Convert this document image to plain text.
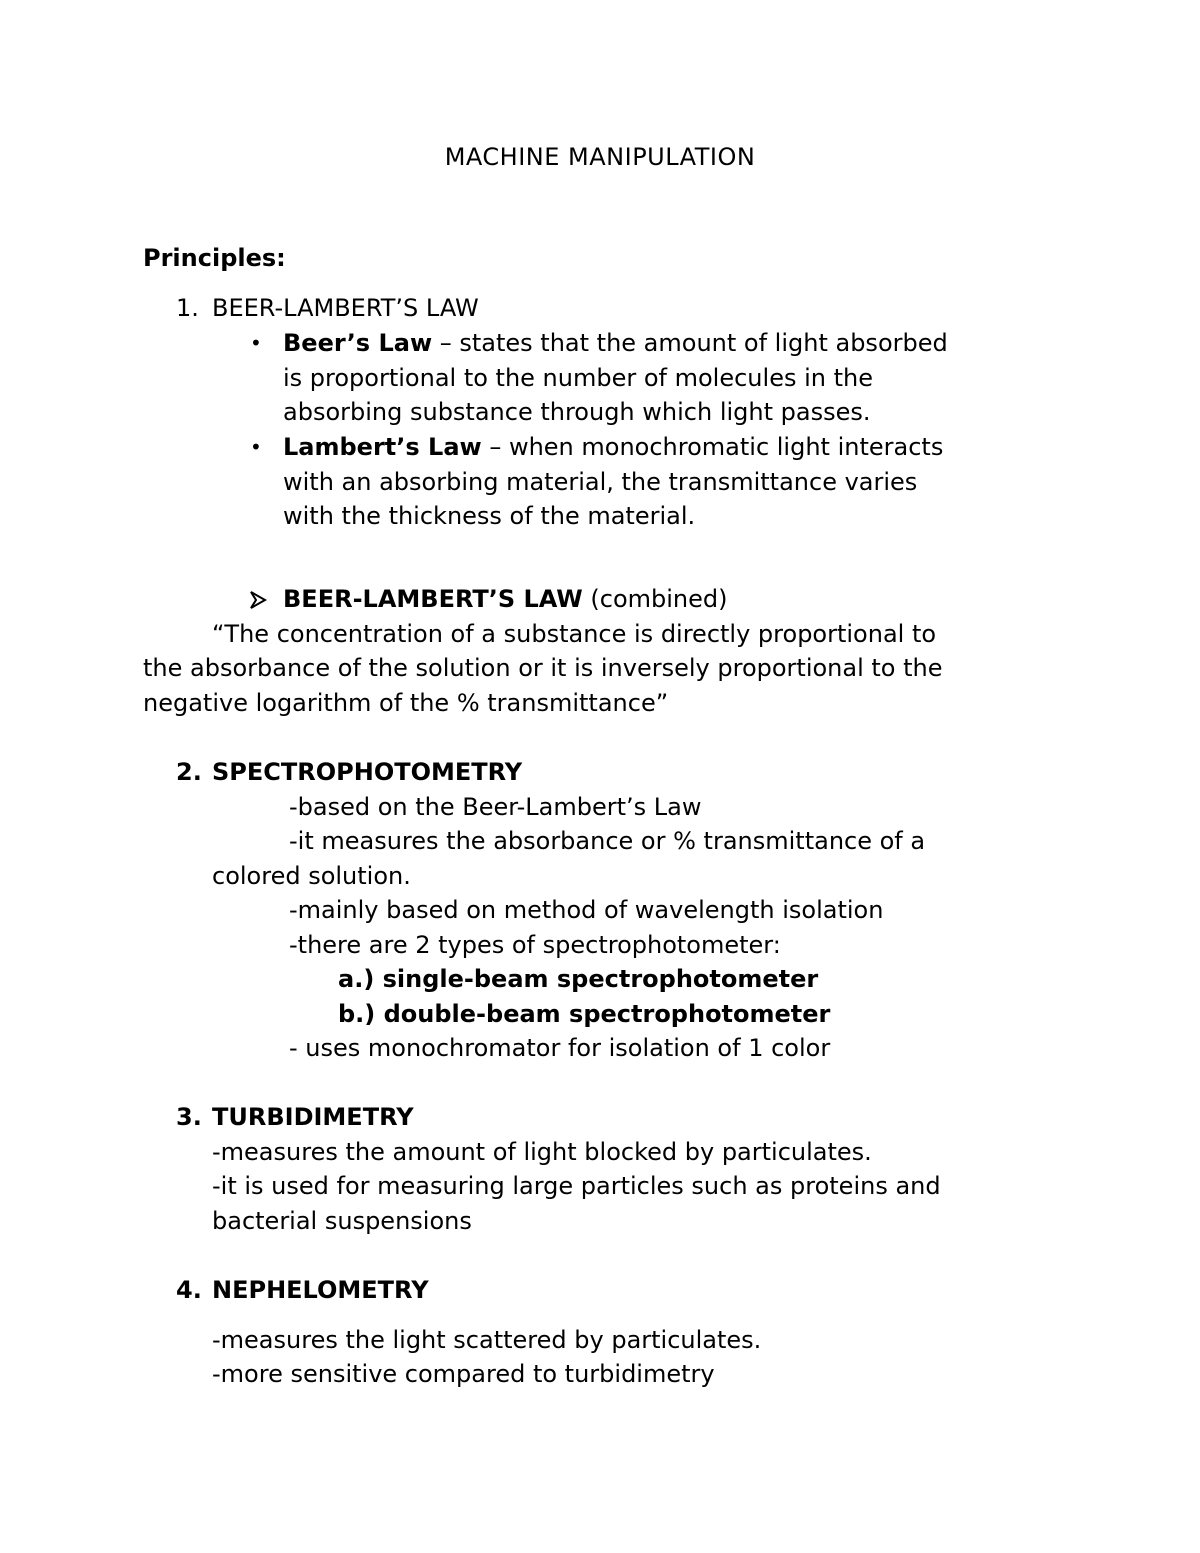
MACHINE MANIPULATION
Principles:
1. BEER-LAMBERT’S LAW
• Beer’s Law – states that the amount of light absorbed
is proportional to the number of molecules in the
absorbing substance through which light passes.
• Lambert’s Law – when monochromatic light interacts
with an absorbing material, the transmittance varies
with the thickness of the material.
BEER-LAMBERT’S LAW (combined)
“The concentration of a substance is directly proportional to
the absorbance of the solution or it is inversely proportional to the
negative logarithm of the % transmittance”
2. SPECTROPHOTOMETRY
-based on the Beer-Lambert’s Law
-it measures the absorbance or % transmittance of a
colored solution.
-mainly based on method of wavelength isolation
-there are 2 types of spectrophotometer:
a.) single-beam spectrophotometer
b.) double-beam spectrophotometer
- uses monochromator for isolation of 1 color
3. TURBIDIMETRY
-measures the amount of light blocked by particulates.
-it is used for measuring large particles such as proteins and
bacterial suspensions
4. NEPHELOMETRY
-measures the light scattered by particulates.
-more sensitive compared to turbidimetry
